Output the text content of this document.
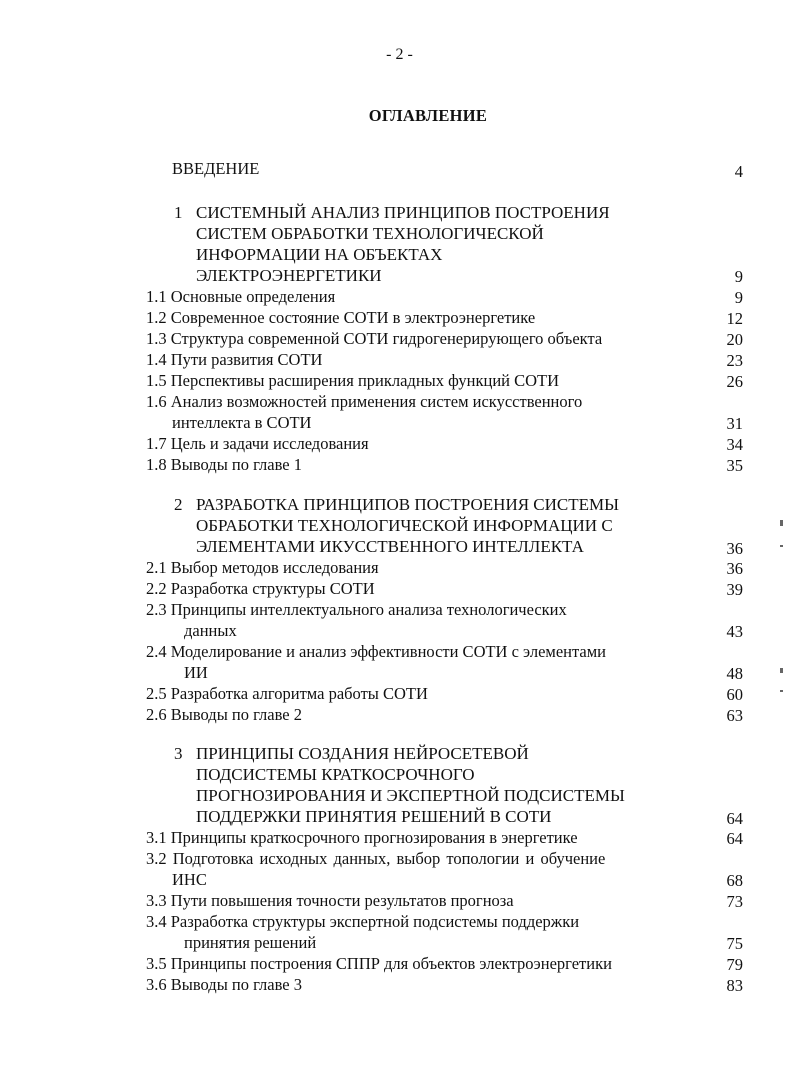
- 2 -
ОГЛАВЛЕНИЕ
ВВЕДЕНИЕ	4
1 СИСТЕМНЫЙ АНАЛИЗ ПРИНЦИПОВ ПОСТРОЕНИЯ
СИСТЕМ ОБРАБОТКИ ТЕХНОЛОГИЧЕСКОЙ
ИНФОРМАЦИИ НА ОБЪЕКТАХ
ЭЛЕКТРОЭНЕРГЕТИКИ	9
1.1 Основные определения	9
1.2 Современное состояние СОТИ в электроэнергетике	12
1.3 Структура современной СОТИ гидрогенерирующего объекта	20
1.4 Пути развития СОТИ	23
1.5 Перспективы расширения прикладных функций СОТИ	26
1.6 Анализ возможностей применения систем искусственного
интеллекта в СОТИ	31
1.7 Цель и задачи исследования	34
1.8 Выводы по главе 1	35
2 РАЗРАБОТКА ПРИНЦИПОВ ПОСТРОЕНИЯ СИСТЕМЫ
ОБРАБОТКИ ТЕХНОЛОГИЧЕСКОЙ ИНФОРМАЦИИ С
ЭЛЕМЕНТАМИ ИКУССТВЕННОГО ИНТЕЛЛЕКТА	36
2.1 Выбор методов исследования	36
2.2 Разработка структуры СОТИ	39
2.3 Принципы интеллектуального анализа технологических
данных	43
2.4 Моделирование и анализ эффективности СОТИ с элементами
ИИ	48
2.5 Разработка алгоритма работы СОТИ	60
2.6 Выводы по главе 2	63
3 ПРИНЦИПЫ СОЗДАНИЯ НЕЙРОСЕТЕВОЙ
ПОДСИСТЕМЫ КРАТКОСРОЧНОГО
ПРОГНОЗИРОВАНИЯ И ЭКСПЕРТНОЙ ПОДСИСТЕМЫ
ПОДДЕРЖКИ ПРИНЯТИЯ РЕШЕНИЙ В СОТИ	64
3.1 Принципы краткосрочного прогнозирования в энергетике	64
3.2 Подготовка исходных данных, выбор топологии и обучение
ИНС	68
3.3 Пути повышения точности результатов прогноза	73
3.4 Разработка структуры экспертной подсистемы поддержки
принятия решений	75
3.5 Принципы построения СППР для объектов электроэнергетики	79
3.6 Выводы по главе 3	83
